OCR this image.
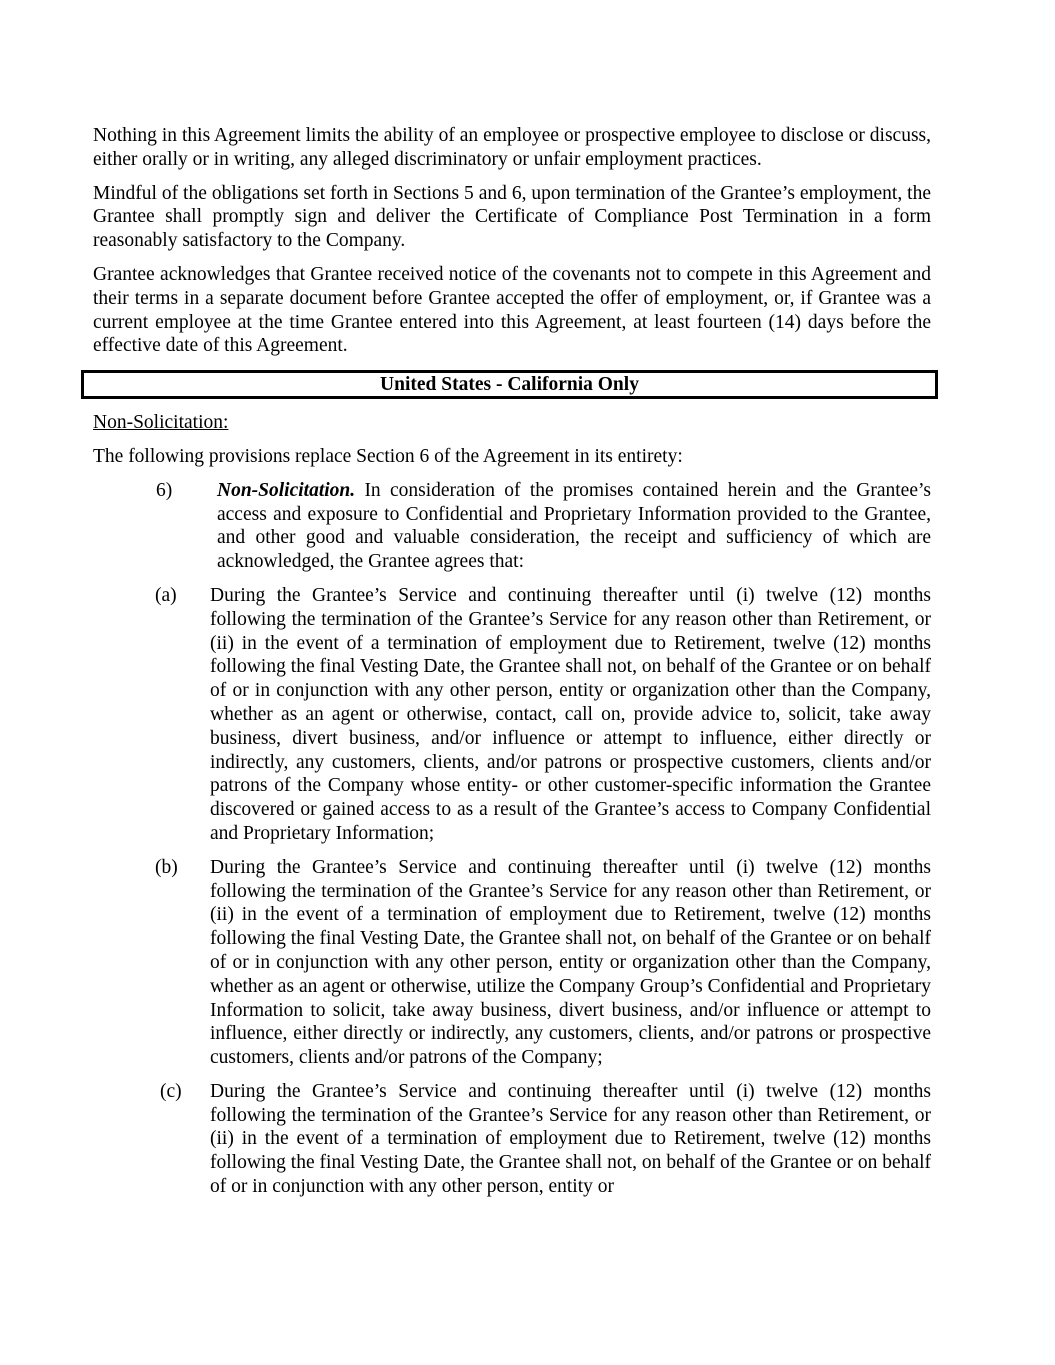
Nothing in this Agreement limits the ability of an employee or prospective employee to disclose or discuss, either orally or in writing, any alleged discriminatory or unfair employment practices.

Mindful of the obligations set forth in Sections 5 and 6, upon termination of the Grantee’s employment, the Grantee shall promptly sign and deliver the Certificate of Compliance Post Termination in a form reasonably satisfactory to the Company.

Grantee acknowledges that Grantee received notice of the covenants not to compete in this Agreement and their terms in a separate document before Grantee accepted the offer of employment, or, if Grantee was a current employee at the time Grantee entered into this Agreement, at least fourteen (14) days before the effective date of this Agreement.

United States - California Only
Non-Solicitation:

The following provisions replace Section 6 of the Agreement in its entirety:

6) Non-Solicitation. In consideration of the promises contained herein and the Grantee’s access and exposure to Confidential and Proprietary Information provided to the Grantee, and other good and valuable consideration, the receipt and sufficiency of which are acknowledged, the Grantee agrees that:
(a) During the Grantee’s Service and continuing thereafter until (i) twelve (12) months following the termination of the Grantee’s Service for any reason other than Retirement, or (ii) in the event of a termination of employment due to Retirement, twelve (12) months following the final Vesting Date, the Grantee shall not, on behalf of the Grantee or on behalf of or in conjunction with any other person, entity or organization other than the Company, whether as an agent or otherwise, contact, call on, provide advice to, solicit, take away business, divert business, and/or influence or attempt to influence, either directly or indirectly, any customers, clients, and/or patrons or prospective customers, clients and/or patrons of the Company whose entity- or other customer-specific information the Grantee discovered or gained access to as a result of the Grantee’s access to Company Confidential and Proprietary Information;
(b) During the Grantee’s Service and continuing thereafter until (i) twelve (12) months following the termination of the Grantee’s Service for any reason other than Retirement, or (ii) in the event of a termination of employment due to Retirement, twelve (12) months following the final Vesting Date, the Grantee shall not, on behalf of the Grantee or on behalf of or in conjunction with any other person, entity or organization other than the Company, whether as an agent or otherwise, utilize the Company Group’s Confidential and Proprietary Information to solicit, take away business, divert business, and/or influence or attempt to influence, either directly or indirectly, any customers, clients, and/or patrons or prospective customers, clients and/or patrons of the Company;
(c) During the Grantee’s Service and continuing thereafter until (i) twelve (12) months following the termination of the Grantee’s Service for any reason other than Retirement, or (ii) in the event of a termination of employment due to Retirement, twelve (12) months following the final Vesting Date, the Grantee shall not, on behalf of the Grantee or on behalf of or in conjunction with any other person, entity or
